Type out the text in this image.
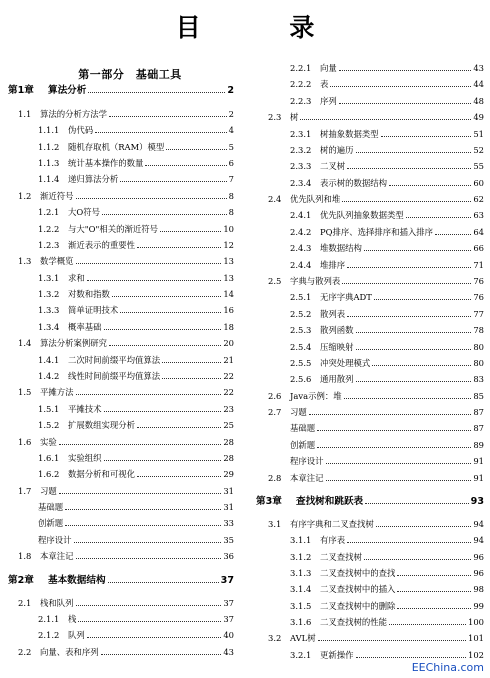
目 录
第一部分　基础工具
第1章	算法分析	2
1.1	算法的分析方法学	2
1.1.1	伪代码	4
1.1.2	随机存取机（RAM）模型	5
1.1.3	统计基本操作的数量	6
1.1.4	递归算法分析	7
1.2	渐近符号	8
1.2.1	大O符号	8
1.2.2	与大"O"相关的渐近符号	10
1.2.3	渐近表示的重要性	12
1.3	数学概览	13
1.3.1	求和	13
1.3.2	对数和指数	14
1.3.3	简单证明技术	16
1.3.4	概率基础	18
1.4	算法分析案例研究	20
1.4.1	二次时间前缀平均值算法	21
1.4.2	线性时间前缀平均值算法	22
1.5	平摊方法	22
1.5.1	平摊技术	23
1.5.2	扩展数组实现分析	25
1.6	实验	28
1.6.1	实验组织	28
1.6.2	数据分析和可视化	29
1.7	习题	31
基础题	31
创新题	33
程序设计	35
1.8	本章注记	36
第2章	基本数据结构	37
2.1	栈和队列	37
2.1.1	栈	37
2.1.2	队列	40
2.2	向量、表和序列	43
2.2.1	向量	43
2.2.2	表	44
2.2.3	序列	48
2.3	树	49
2.3.1	树抽象数据类型	51
2.3.2	树的遍历	52
2.3.3	二叉树	55
2.3.4	表示树的数据结构	60
2.4	优先队列和堆	62
2.4.1	优先队列抽象数据类型	63
2.4.2	PQ排序、选择排序和插入排序	64
2.4.3	堆数据结构	66
2.4.4	堆排序	71
2.5	字典与散列表	76
2.5.1	无序字典ADT	76
2.5.2	散列表	77
2.5.3	散列函数	78
2.5.4	压缩映射	80
2.5.5	冲突处理模式	80
2.5.6	通用散列	83
2.6	Java示例：堆	85
2.7	习题	87
基础题	87
创新题	89
程序设计	91
2.8	本章注记	91
第3章	查找树和跳跃表	93
3.1	有序字典和二叉查找树	94
3.1.1	有序表	94
3.1.2	二叉查找树	96
3.1.3	二叉查找树中的查找	96
3.1.4	二叉查找树中的插入	98
3.1.5	二叉查找树中的删除	99
3.1.6	二叉查找树的性能	100
3.2	AVL树	101
3.2.1	更新操作	102
EEChina.com
